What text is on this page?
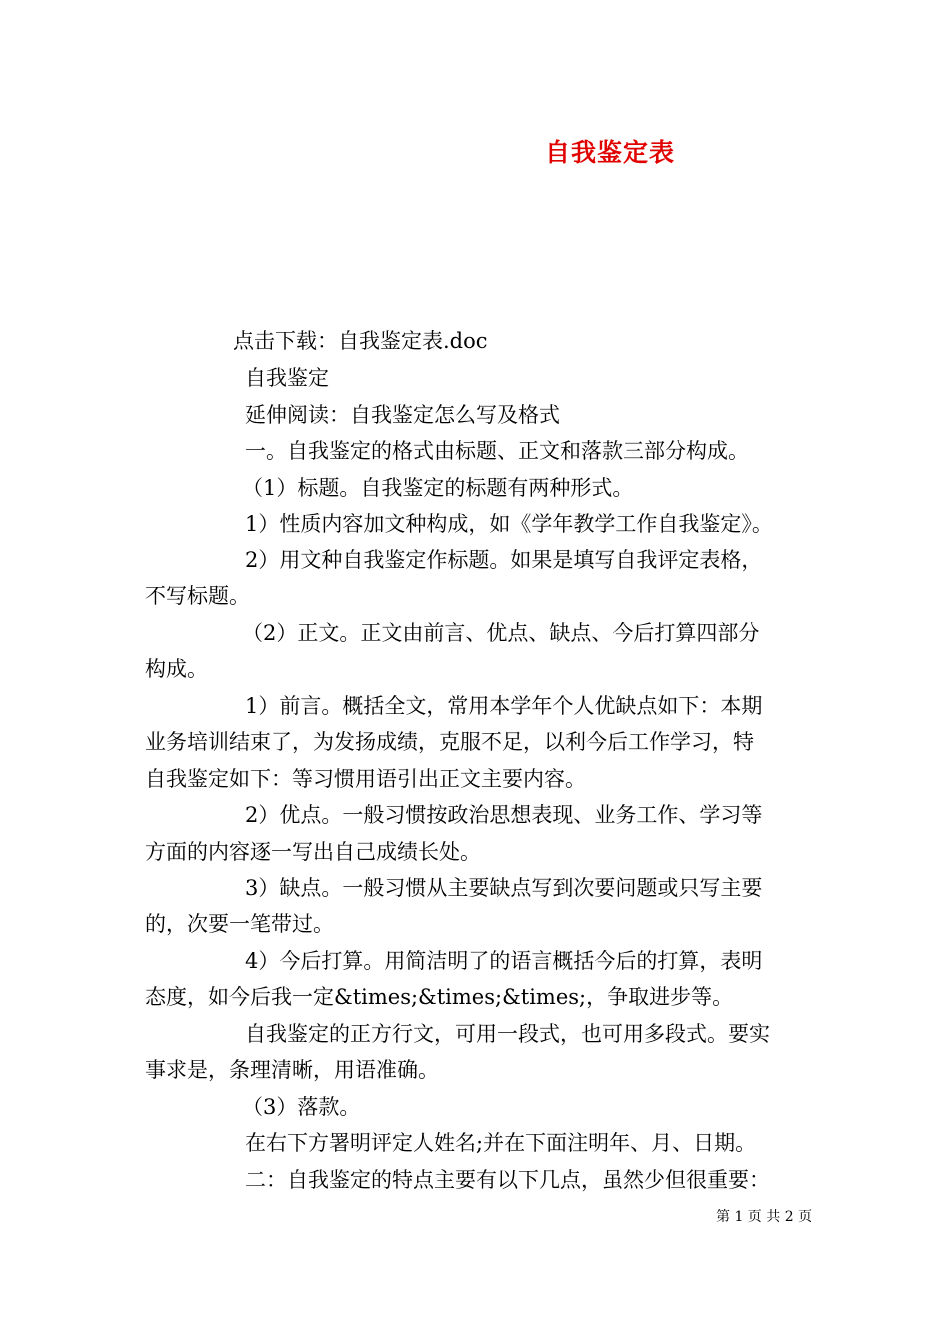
自我鉴定表
点击下载：自我鉴定表.doc
自我鉴定
延伸阅读：自我鉴定怎么写及格式
一。自我鉴定的格式由标题、正文和落款三部分构成。
（1）标题。自我鉴定的标题有两种形式。
1）性质内容加文种构成，如《学年教学工作自我鉴定》。
2）用文种自我鉴定作标题。如果是填写自我评定表格，
不写标题。
（2）正文。正文由前言、优点、缺点、今后打算四部分
构成。
1）前言。概括全文，常用本学年个人优缺点如下：本期
业务培训结束了，为发扬成绩，克服不足，以利今后工作学习，特
自我鉴定如下：等习惯用语引出正文主要内容。
2）优点。一般习惯按政治思想表现、业务工作、学习等
方面的内容逐一写出自己成绩长处。
3）缺点。一般习惯从主要缺点写到次要问题或只写主要
的，次要一笔带过。
4）今后打算。用简洁明了的语言概括今后的打算，表明
态度，如今后我一定&times;&times;&times;，争取进步等。
自我鉴定的正方行文，可用一段式，也可用多段式。要实
事求是，条理清晰，用语准确。
（3）落款。
在右下方署明评定人姓名;并在下面注明年、月、日期。
二：自我鉴定的特点主要有以下几点，虽然少但很重要：
第 1 页 共 2 页
